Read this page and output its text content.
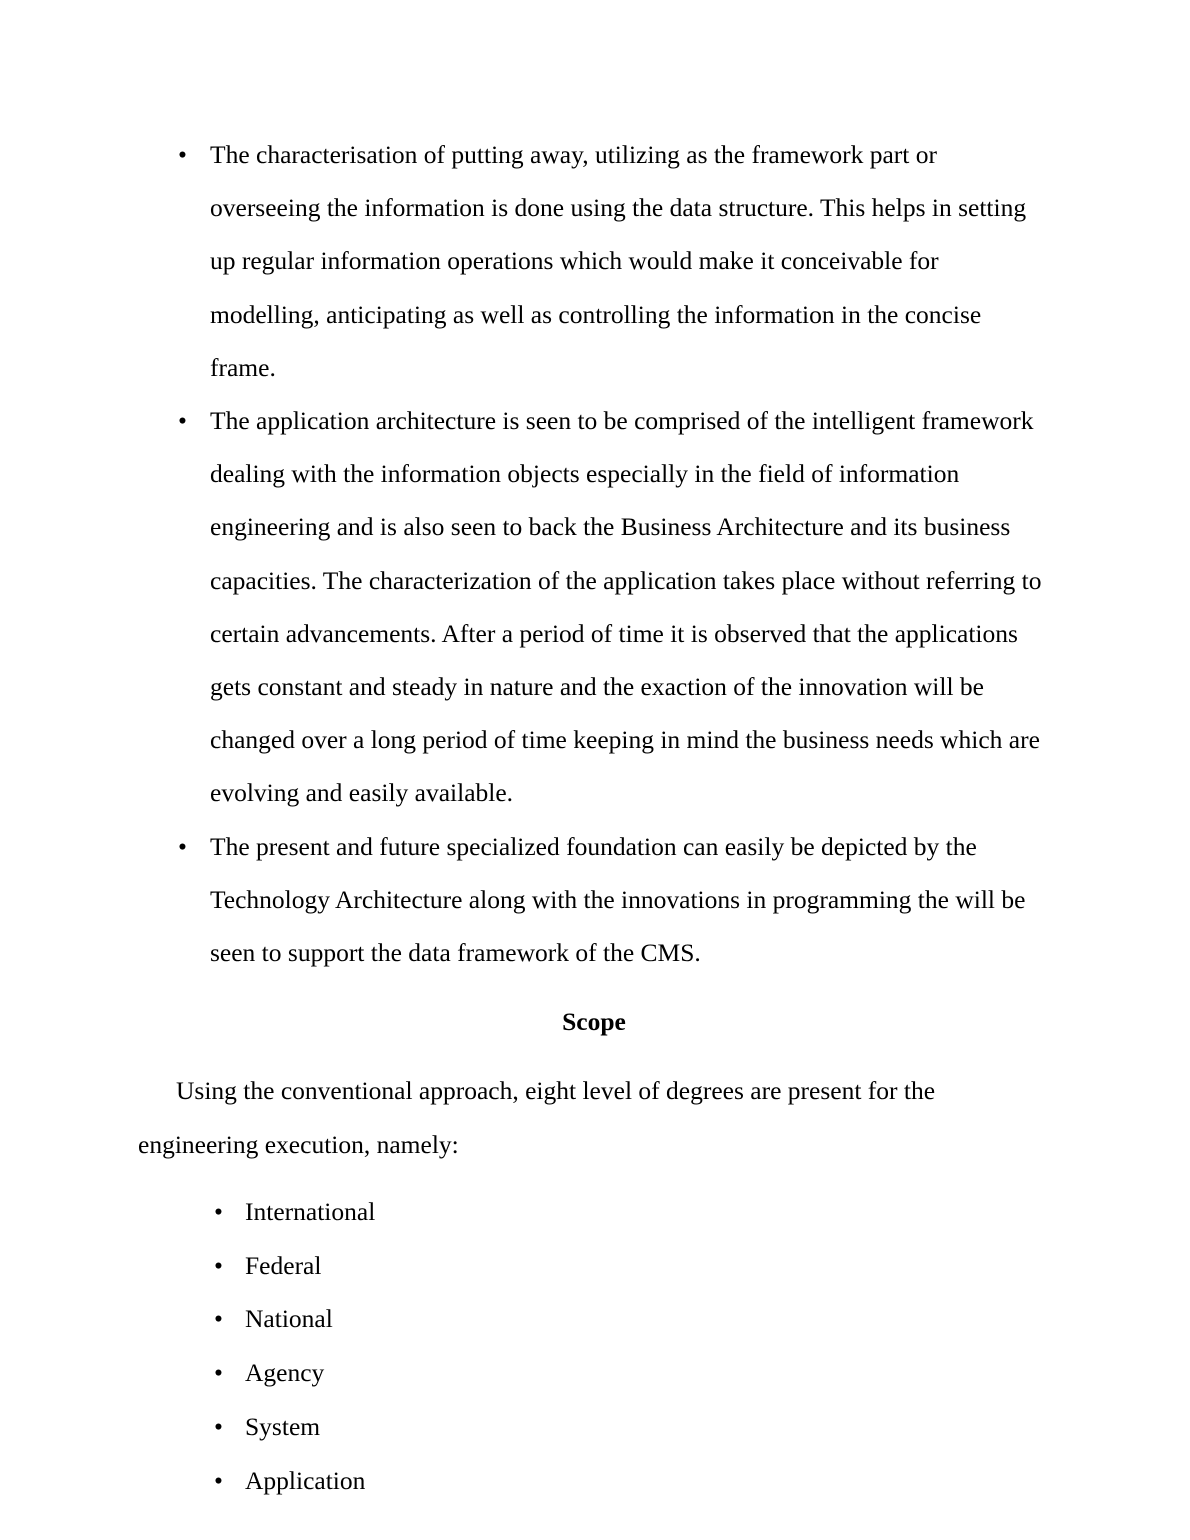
• The characterisation of putting away, utilizing as the framework part or overseeing the information is done using the data structure. This helps in setting up regular information operations which would make it conceivable for modelling, anticipating as well as controlling the information in the concise frame.
• The application architecture is seen to be comprised of the intelligent framework dealing with the information objects especially in the field of information engineering and is also seen to back the Business Architecture and its business capacities. The characterization of the application takes place without referring to certain advancements. After a period of time it is observed that the applications gets constant and steady in nature and the exaction of the innovation will be changed over a long period of time keeping in mind the business needs which are evolving and easily available.
• The present and future specialized foundation can easily be depicted by the Technology Architecture along with the innovations in programming the will be seen to support the data framework of the CMS.
Scope

Using the conventional approach, eight level of degrees are present for the engineering execution, namely:

• International
• Federal
• National
• Agency
• System
• Application
